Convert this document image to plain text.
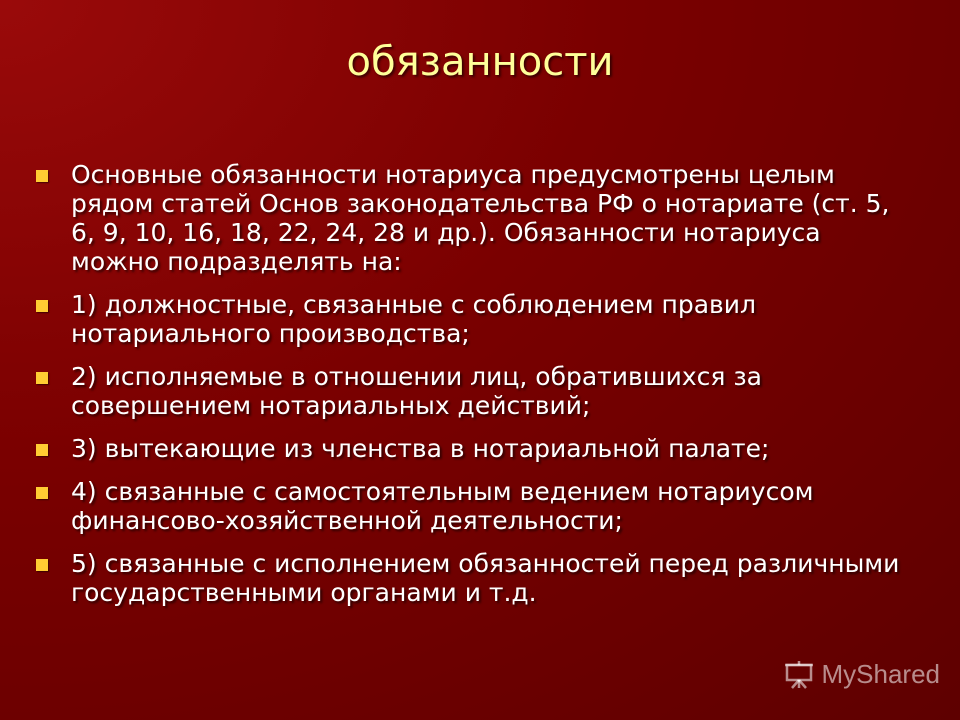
обязанности
Основные обязанности нотариуса предусмотрены целым рядом статей Основ законодательства РФ о нотариате (ст. 5, 6, 9, 10, 16, 18, 22, 24, 28 и др.). Обязанности нотариуса можно подразделять на:
1) должностные, связанные с соблюдением правил нотариального производства;
2) исполняемые в отношении лиц, обратившихся за совершением нотариальных действий;
3) вытекающие из членства в нотариальной палате;
4) связанные с самостоятельным ведением нотариусом финансово-хозяйственной деятельности;
5) связанные с исполнением обязанностей перед различными государственными органами и т.д.
MyShared
